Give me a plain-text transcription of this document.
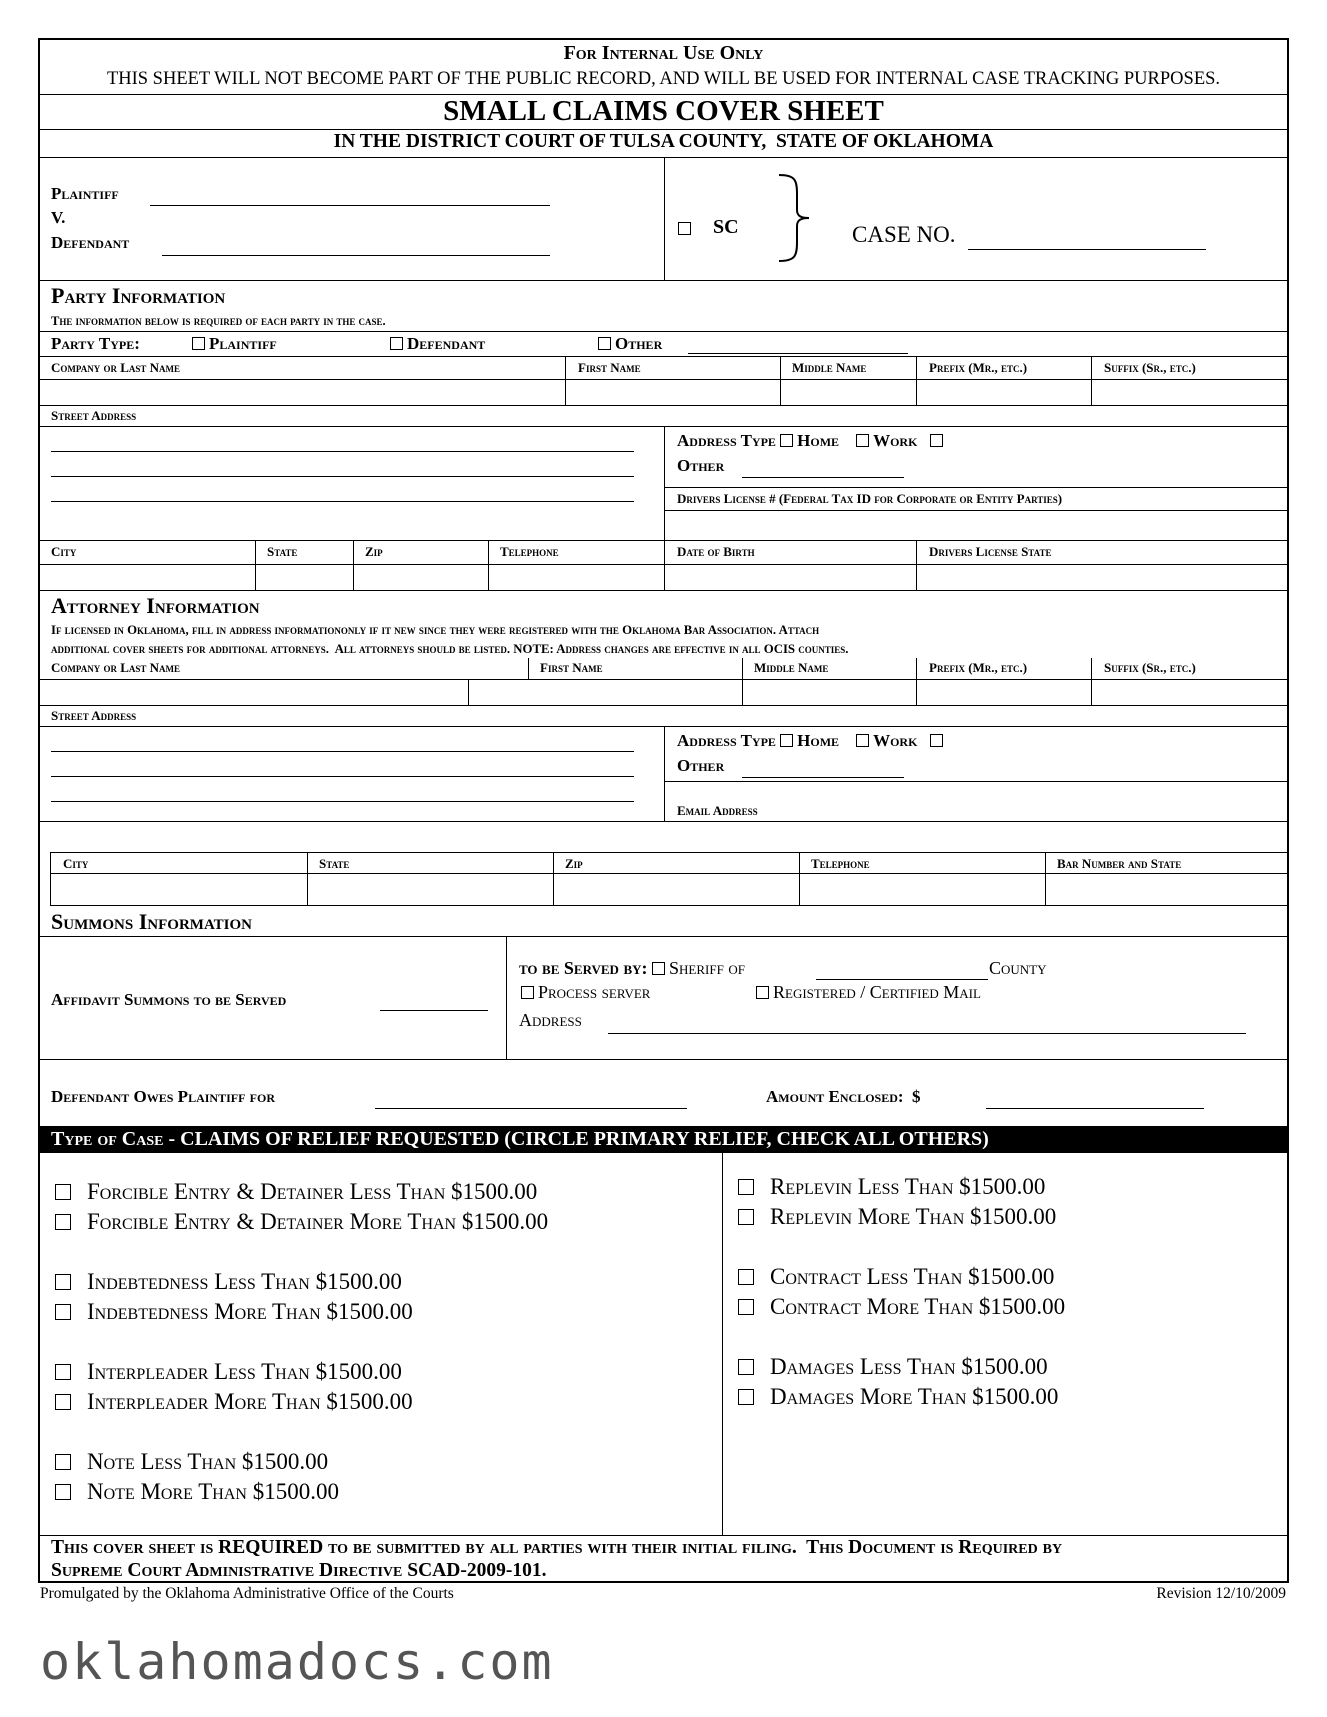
For Internal Use Only
THIS SHEET WILL NOT BECOME PART OF THE PUBLIC RECORD, AND WILL BE USED FOR INTERNAL CASE TRACKING PURPOSES.
SMALL CLAIMS COVER SHEET
IN THE DISTRICT COURT OF TULSA COUNTY,  STATE OF OKLAHOMA
Plaintiff
V.
Defendant
SC	CASE NO.
Party Information
The information below is required of each party in the case.
Party Type:	Plaintiff	Defendant	Other
Company or Last Name	First Name	Middle Name	Prefix (Mr., etc.)	Suffix (Sr., etc.)
Street Address
Address Type Home Work
Other
Drivers License # (Federal Tax ID for Corporate or Entity Parties)
City	State	Zip	Telephone	Date of Birth	Drivers License State
Attorney Information
If licensed in Oklahoma, fill in address informationonly if it new since they were registered with the Oklahoma Bar Association. Attach
additional cover sheets for additional attorneys.  All attorneys should be listed. NOTE: Address changes are effective in all OCIS counties.
Company or Last Name	First Name	Middle Name	Prefix (Mr., etc.)	Suffix (Sr., etc.)
Street Address
Address Type Home Work
Other
Email Address
City	State	Zip	Telephone	Bar Number and State
Summons Information
Affidavit Summons to be Served
to be Served by: Sheriff of	County
Process server	Registered / Certified Mail
Address
Defendant Owes Plaintiff for	Amount Enclosed:  $
Type of Case - CLAIMS OF RELIEF REQUESTED (CIRCLE PRIMARY RELIEF, CHECK ALL OTHERS)
Forcible Entry & Detainer Less Than $1500.00
Forcible Entry & Detainer More Than $1500.00
Indebtedness Less Than $1500.00
Indebtedness More Than $1500.00
Interpleader Less Than $1500.00
Interpleader More Than $1500.00
Note Less Than $1500.00
Note More Than $1500.00
Replevin Less Than $1500.00
Replevin More Than $1500.00
Contract Less Than $1500.00
Contract More Than $1500.00
Damages Less Than $1500.00
Damages More Than $1500.00
This cover sheet is REQUIRED to be submitted by all parties with their initial filing.  This Document is Required by
Supreme Court Administrative Directive SCAD-2009-101.
Promulgated by the Oklahoma Administrative Office of the Courts	Revision 12/10/2009
oklahomadocs.com
